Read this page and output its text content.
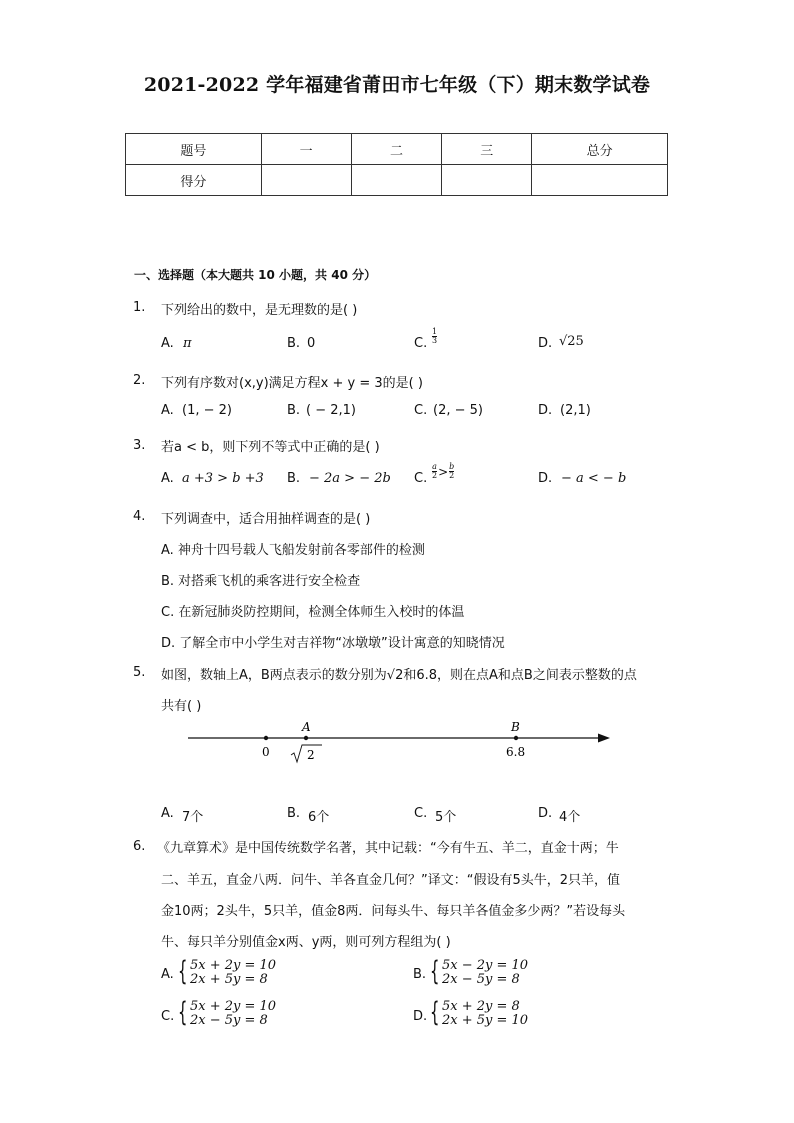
2021-2022 学年福建省莆田市七年级（下）期末数学试卷
题号	一	二	三	总分
得分				
一、选择题（本大题共 10 小题，共 40 分）
1. 下列给出的数中，是无理数的是( )
A. π	B. 0	C. $\frac{1}{3}$	D. √25
2. 下列有序数对(x,y)满足方程x + y = 3的是( )
A. (1, − 2)	B. ( − 2,1)	C. (2, − 5)	D. (2,1)
3. 若a < b，则下列不等式中正确的是( )
A. a +3 > b +3 B. − 2a > − 2b C. $\frac{a}{2} >\frac{b}{2}$	D. − a < − b
4. 下列调查中，适合用抽样调查的是( )
A. 神舟十四号载人飞船发射前各零部件的检测
B. 对搭乘飞机的乘客进行安全检查
C. 在新冠肺炎防控期间，检测全体师生入校时的体温
D. 了解全市中小学生对吉祥物“冰墩墩”设计寓意的知晓情况
5. 如图，数轴上A，B两点表示的数分别为√2和6.8，则在点A和点B之间表示整数的点
共有( )
A	B
0	2	6.8
A. 7个	B. 6个	C. 5个	D. 4个
6. 《九章算术》是中国传统数学名著，其中记载：“今有牛五、羊二，直金十两；牛
二、羊五，直金八两．问牛、羊各直金几何？”译文：“假设有5头牛，2只羊，值
金10两；2头牛，5只羊，值金8两．问每头牛、每只羊各值金多少两？”若设每头
牛、每只羊分别值金x两、y两，则可列方程组为( )
A. { 5x + 2y = 10
2x + 5y = 8	B. { 5x − 2y = 10
2x − 5y = 8
C. { 5x + 2y = 10
2x − 5y = 8	D. { 5x + 2y = 8
2x + 5y = 10
